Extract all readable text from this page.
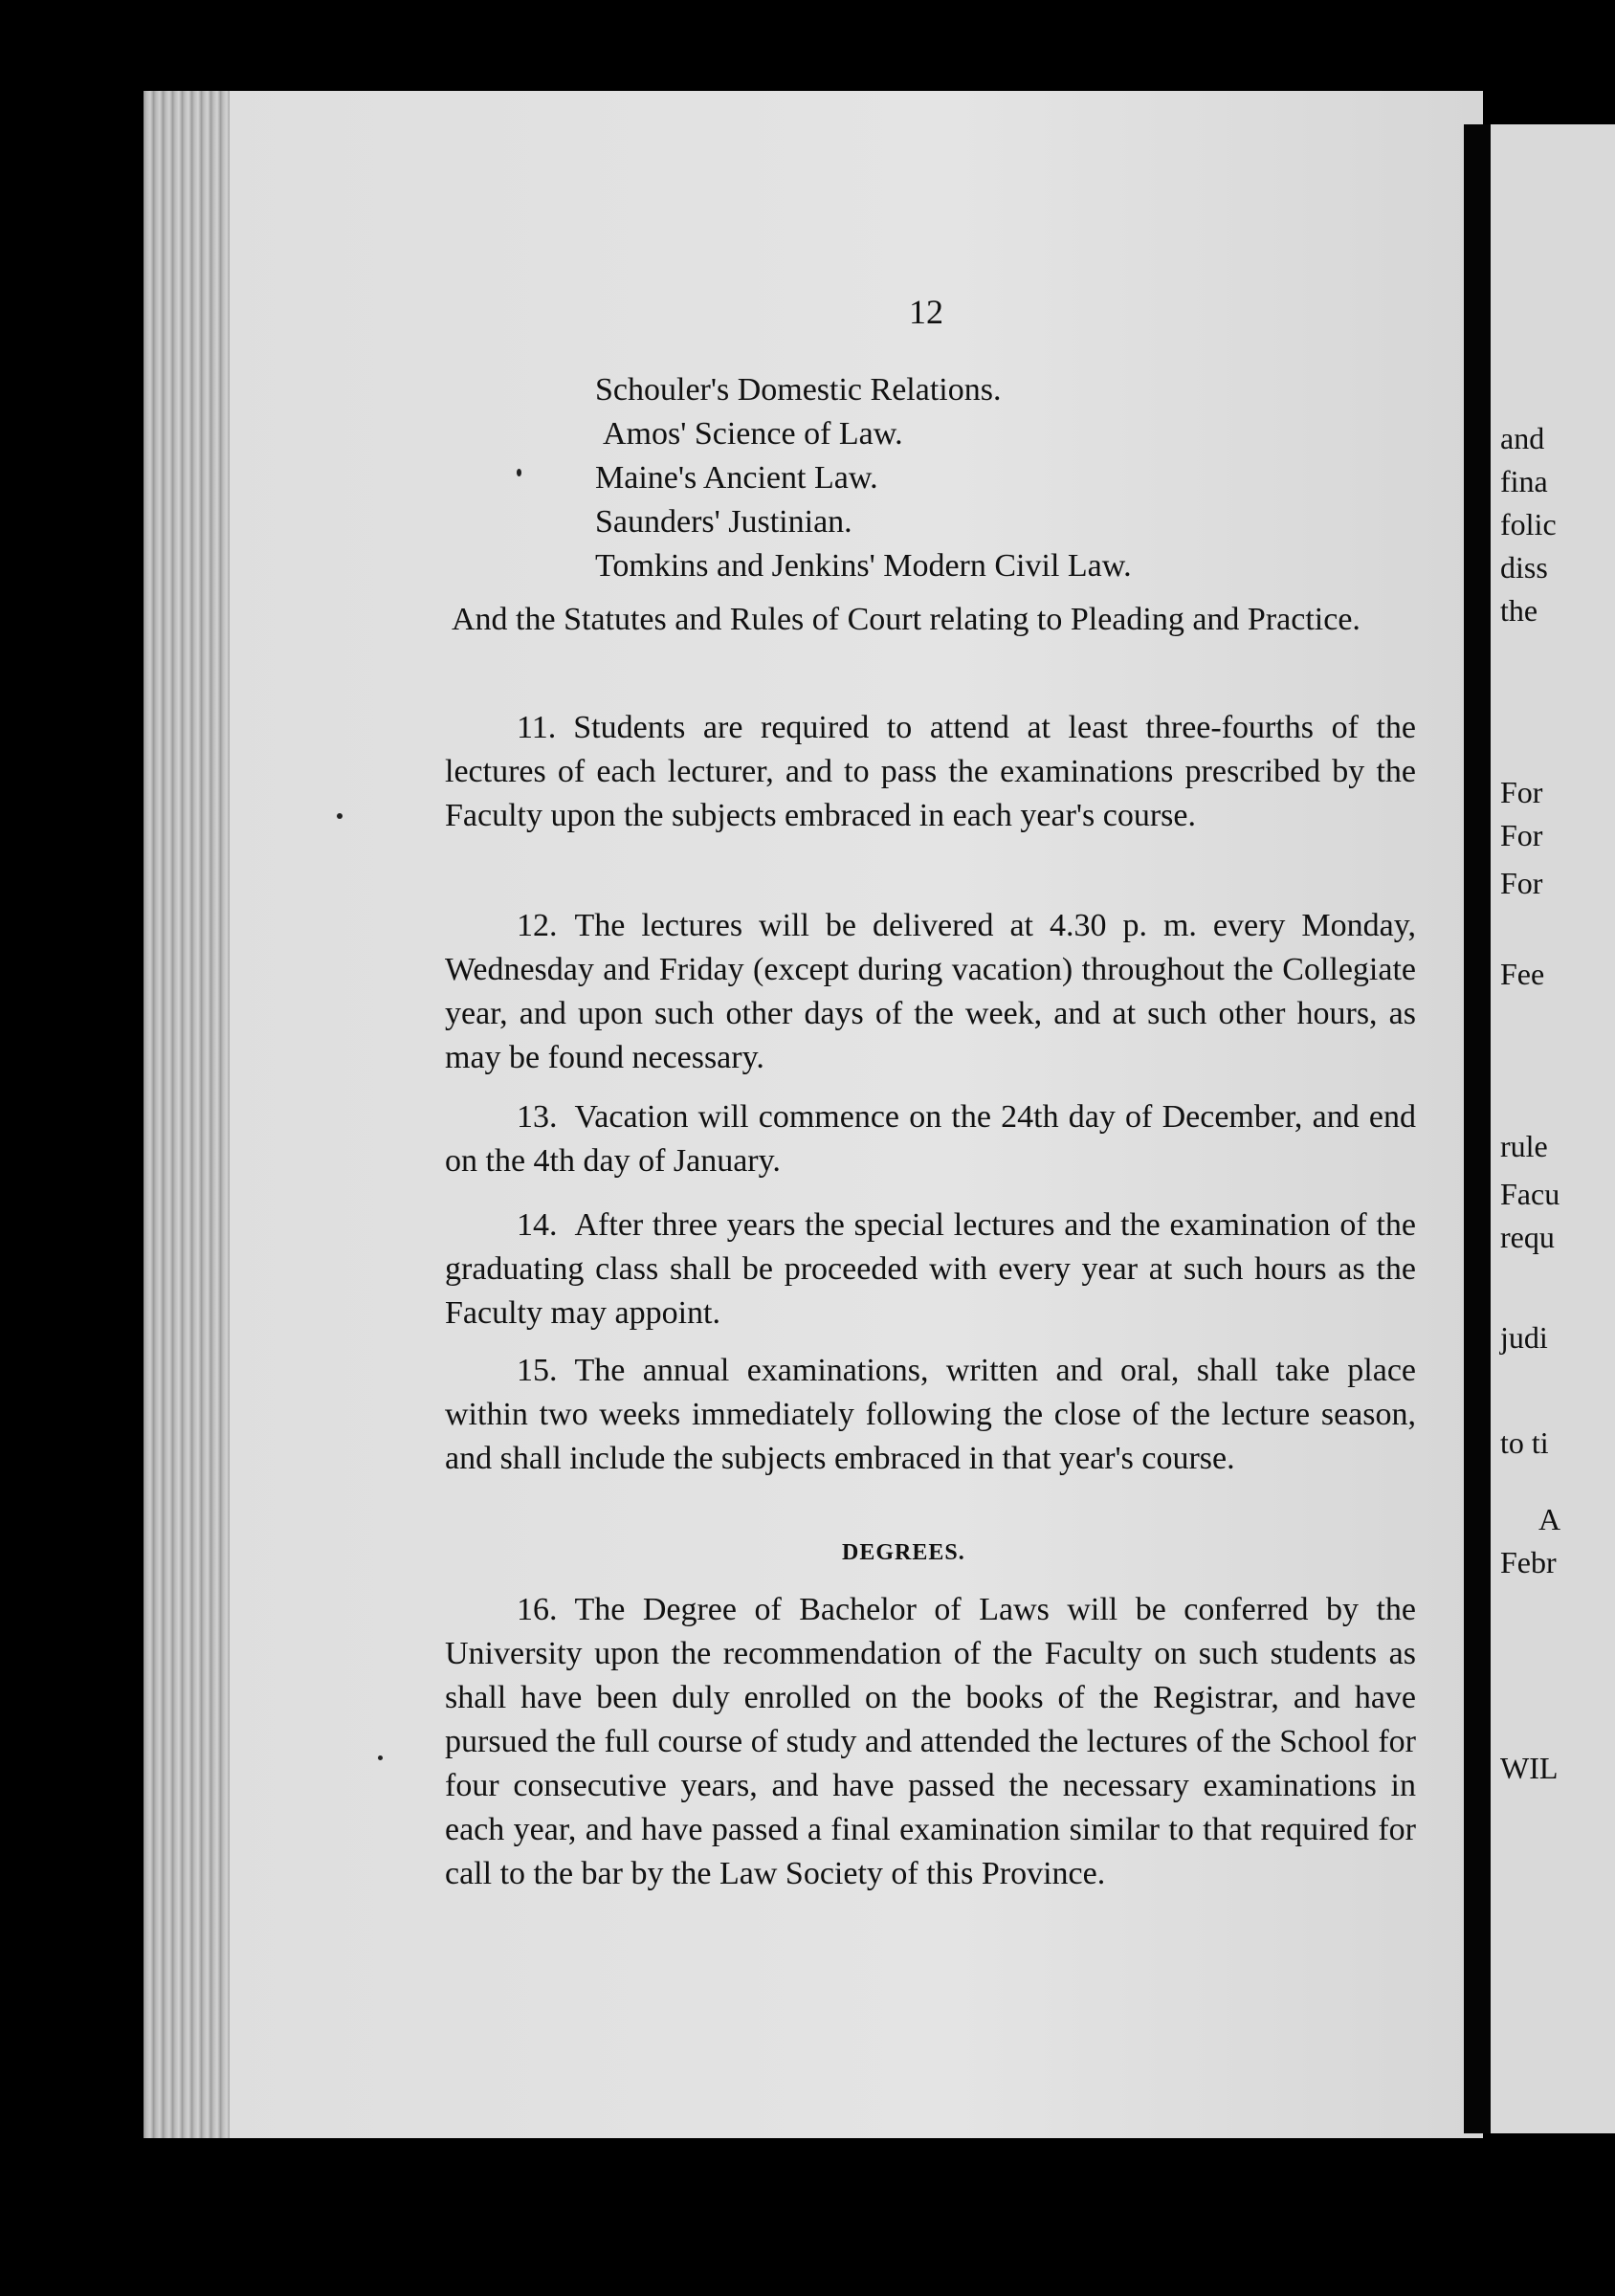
and
fina
folic
diss
the
For
For
For
Fee
rule
Facu
requ
judi
to ti
A
Febr
WIL
12
Schouler's Domestic Relations.
Amos' Science of Law.
Maine's Ancient Law.
Saunders' Justinian.
Tomkins and Jenkins' Modern Civil Law.

And the Statutes and Rules of Court relating to Pleading and Practice.

11. Students are required to attend at least three-fourths of the lectures of each lecturer, and to pass the examinations prescribed by the Faculty upon the subjects embraced in each year's course.

12. The lectures will be delivered at 4.30 p. m. every Monday, Wednesday and Friday (except during vacation) throughout the Collegiate year, and upon such other days of the week, and at such other hours, as may be found necessary.

13. Vacation will commence on the 24th day of December, and end on the 4th day of January.

14. After three years the special lectures and the examination of the graduating class shall be proceeded with every year at such hours as the Faculty may appoint.

15. The annual examinations, written and oral, shall take place within two weeks immediately following the close of the lecture season, and shall include the subjects embraced in that year's course.

DEGREES.

16. The Degree of Bachelor of Laws will be conferred by the University upon the recommendation of the Faculty on such students as shall have been duly enrolled on the books of the Registrar, and have pursued the full course of study and attended the lectures of the School for four consecutive years, and have passed the necessary examinations in each year, and have passed a final examination similar to that required for call to the bar by the Law Society of this Province.
